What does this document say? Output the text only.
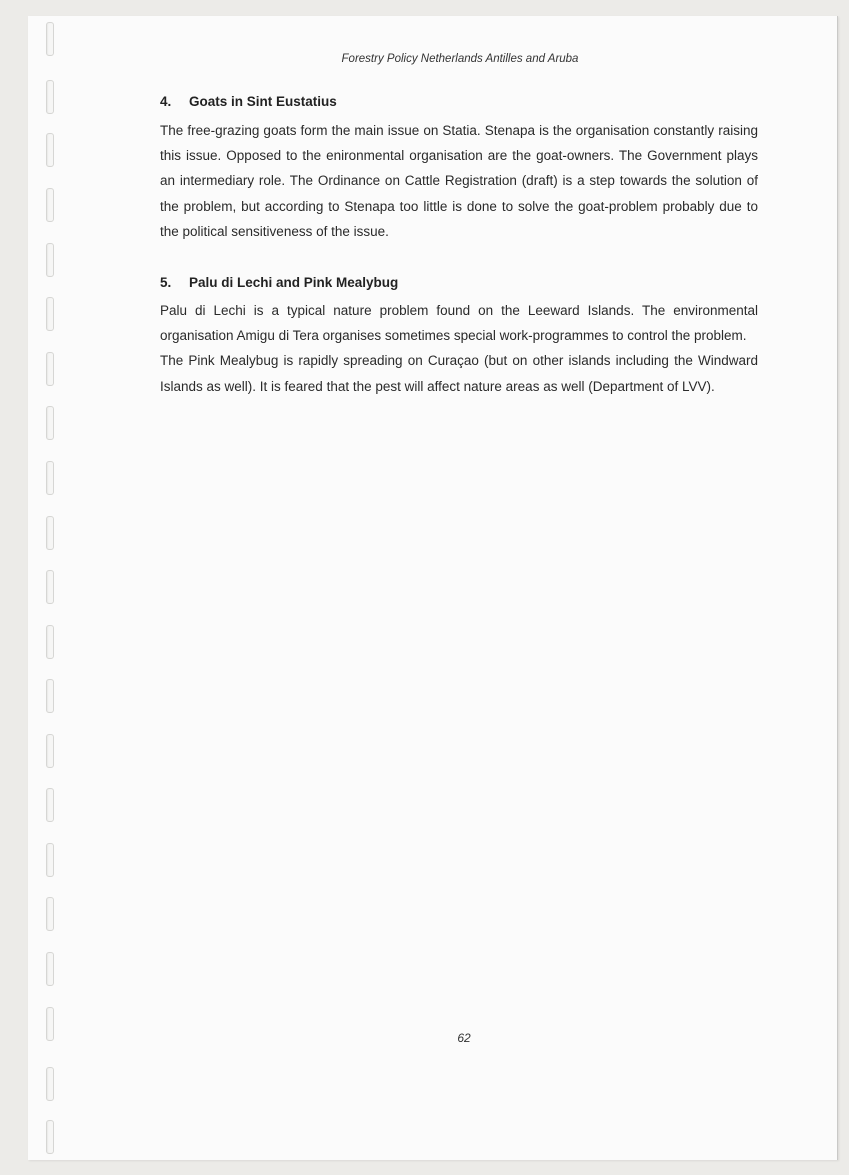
Forestry Policy Netherlands Antilles and Aruba
4. Goats in Sint Eustatius

The free-grazing goats form the main issue on Statia. Stenapa is the organisation constantly raising this issue. Opposed to the enironmental organisation are the goat-owners. The Government plays an intermediary role. The Ordinance on Cattle Registration (draft) is a step towards the solution of the problem, but according to Stenapa too little is done to solve the goat-problem probably due to the political sensitiveness of the issue.

5. Palu di Lechi and Pink Mealybug

Palu di Lechi is a typical nature problem found on the Leeward Islands. The environmental organisation Amigu di Tera organises sometimes special work-programmes to control the problem.

The Pink Mealybug is rapidly spreading on Curaçao (but on other islands including the Windward Islands as well). It is feared that the pest will affect nature areas as well (Department of LVV).

62
